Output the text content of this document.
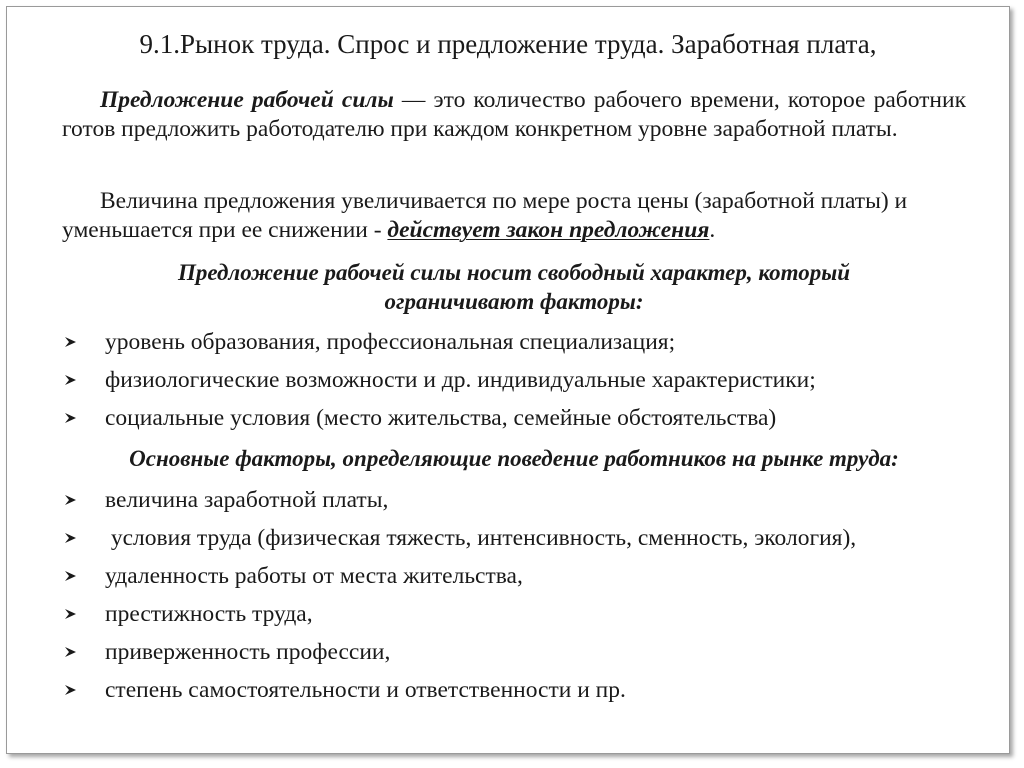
9.1.Рынок труда. Спрос и предложение труда. Заработная плата,
Предложение рабочей силы — это количество рабочего времени, которое работник готов предложить работодателю при каждом конкретном уровне заработной платы.
Величина предложения увеличивается по мере роста цены (заработной платы) и уменьшается при ее снижении - действует закон предложения.
Предложение рабочей силы носит свободный характер, который
ограничивают факторы:
уровень образования, профессиональная специализация;
физиологические возможности и др. индивидуальные характеристики;
социальные условия (место жительства, семейные обстоятельства)
Основные факторы, определяющие поведение работников на рынке труда:
величина заработной платы,
условия труда (физическая тяжесть, интенсивность, сменность, экология),
удаленность работы от места жительства,
престижность труда,
приверженность профессии,
степень самостоятельности и ответственности и пр.
